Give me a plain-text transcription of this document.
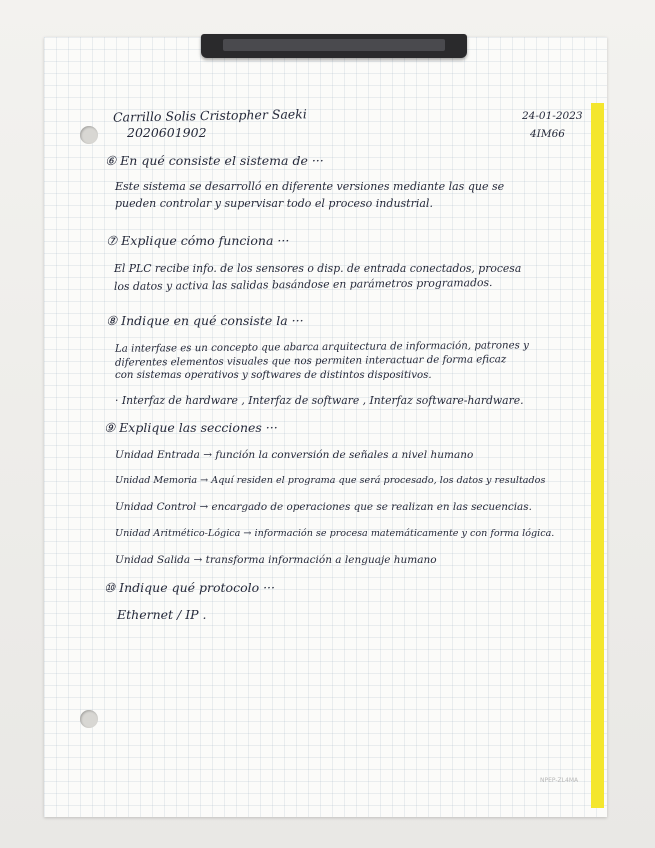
Carrillo Solis Cristopher Saeki
2020601902
24-01-2023
4IM66
⑥ En qué consiste el sistema de ···
Este sistema se desarrolló en diferente versiones mediante las que se
pueden controlar y supervisar todo el proceso industrial.
⑦ Explique cómo funciona ···
El PLC recibe info. de los sensores o disp. de entrada conectados, procesa
los datos y activa las salidas basándose en parámetros programados.
⑧ Indique en qué consiste la ···
La interfase es un concepto que abarca arquitectura de información, patrones y
diferentes elementos visuales que nos permiten interactuar de forma eficaz
con sistemas operativos y softwares de distintos dispositivos.
· Interfaz de hardware , Interfaz de software , Interfaz software-hardware.
⑨ Explique las secciones ···
Unidad Entrada → función la conversión de señales a nivel humano
Unidad Memoria → Aquí residen el programa que será procesado, los datos y resultados
Unidad Control → encargado de operaciones que se realizan en las secuencias.
Unidad Aritmético-Lógica → información se procesa matemáticamente y con forma lógica.
Unidad Salida → transforma información a lenguaje humano
⑩ Indique qué protocolo ···
Ethernet / IP .
NPEP-ZL4MA
